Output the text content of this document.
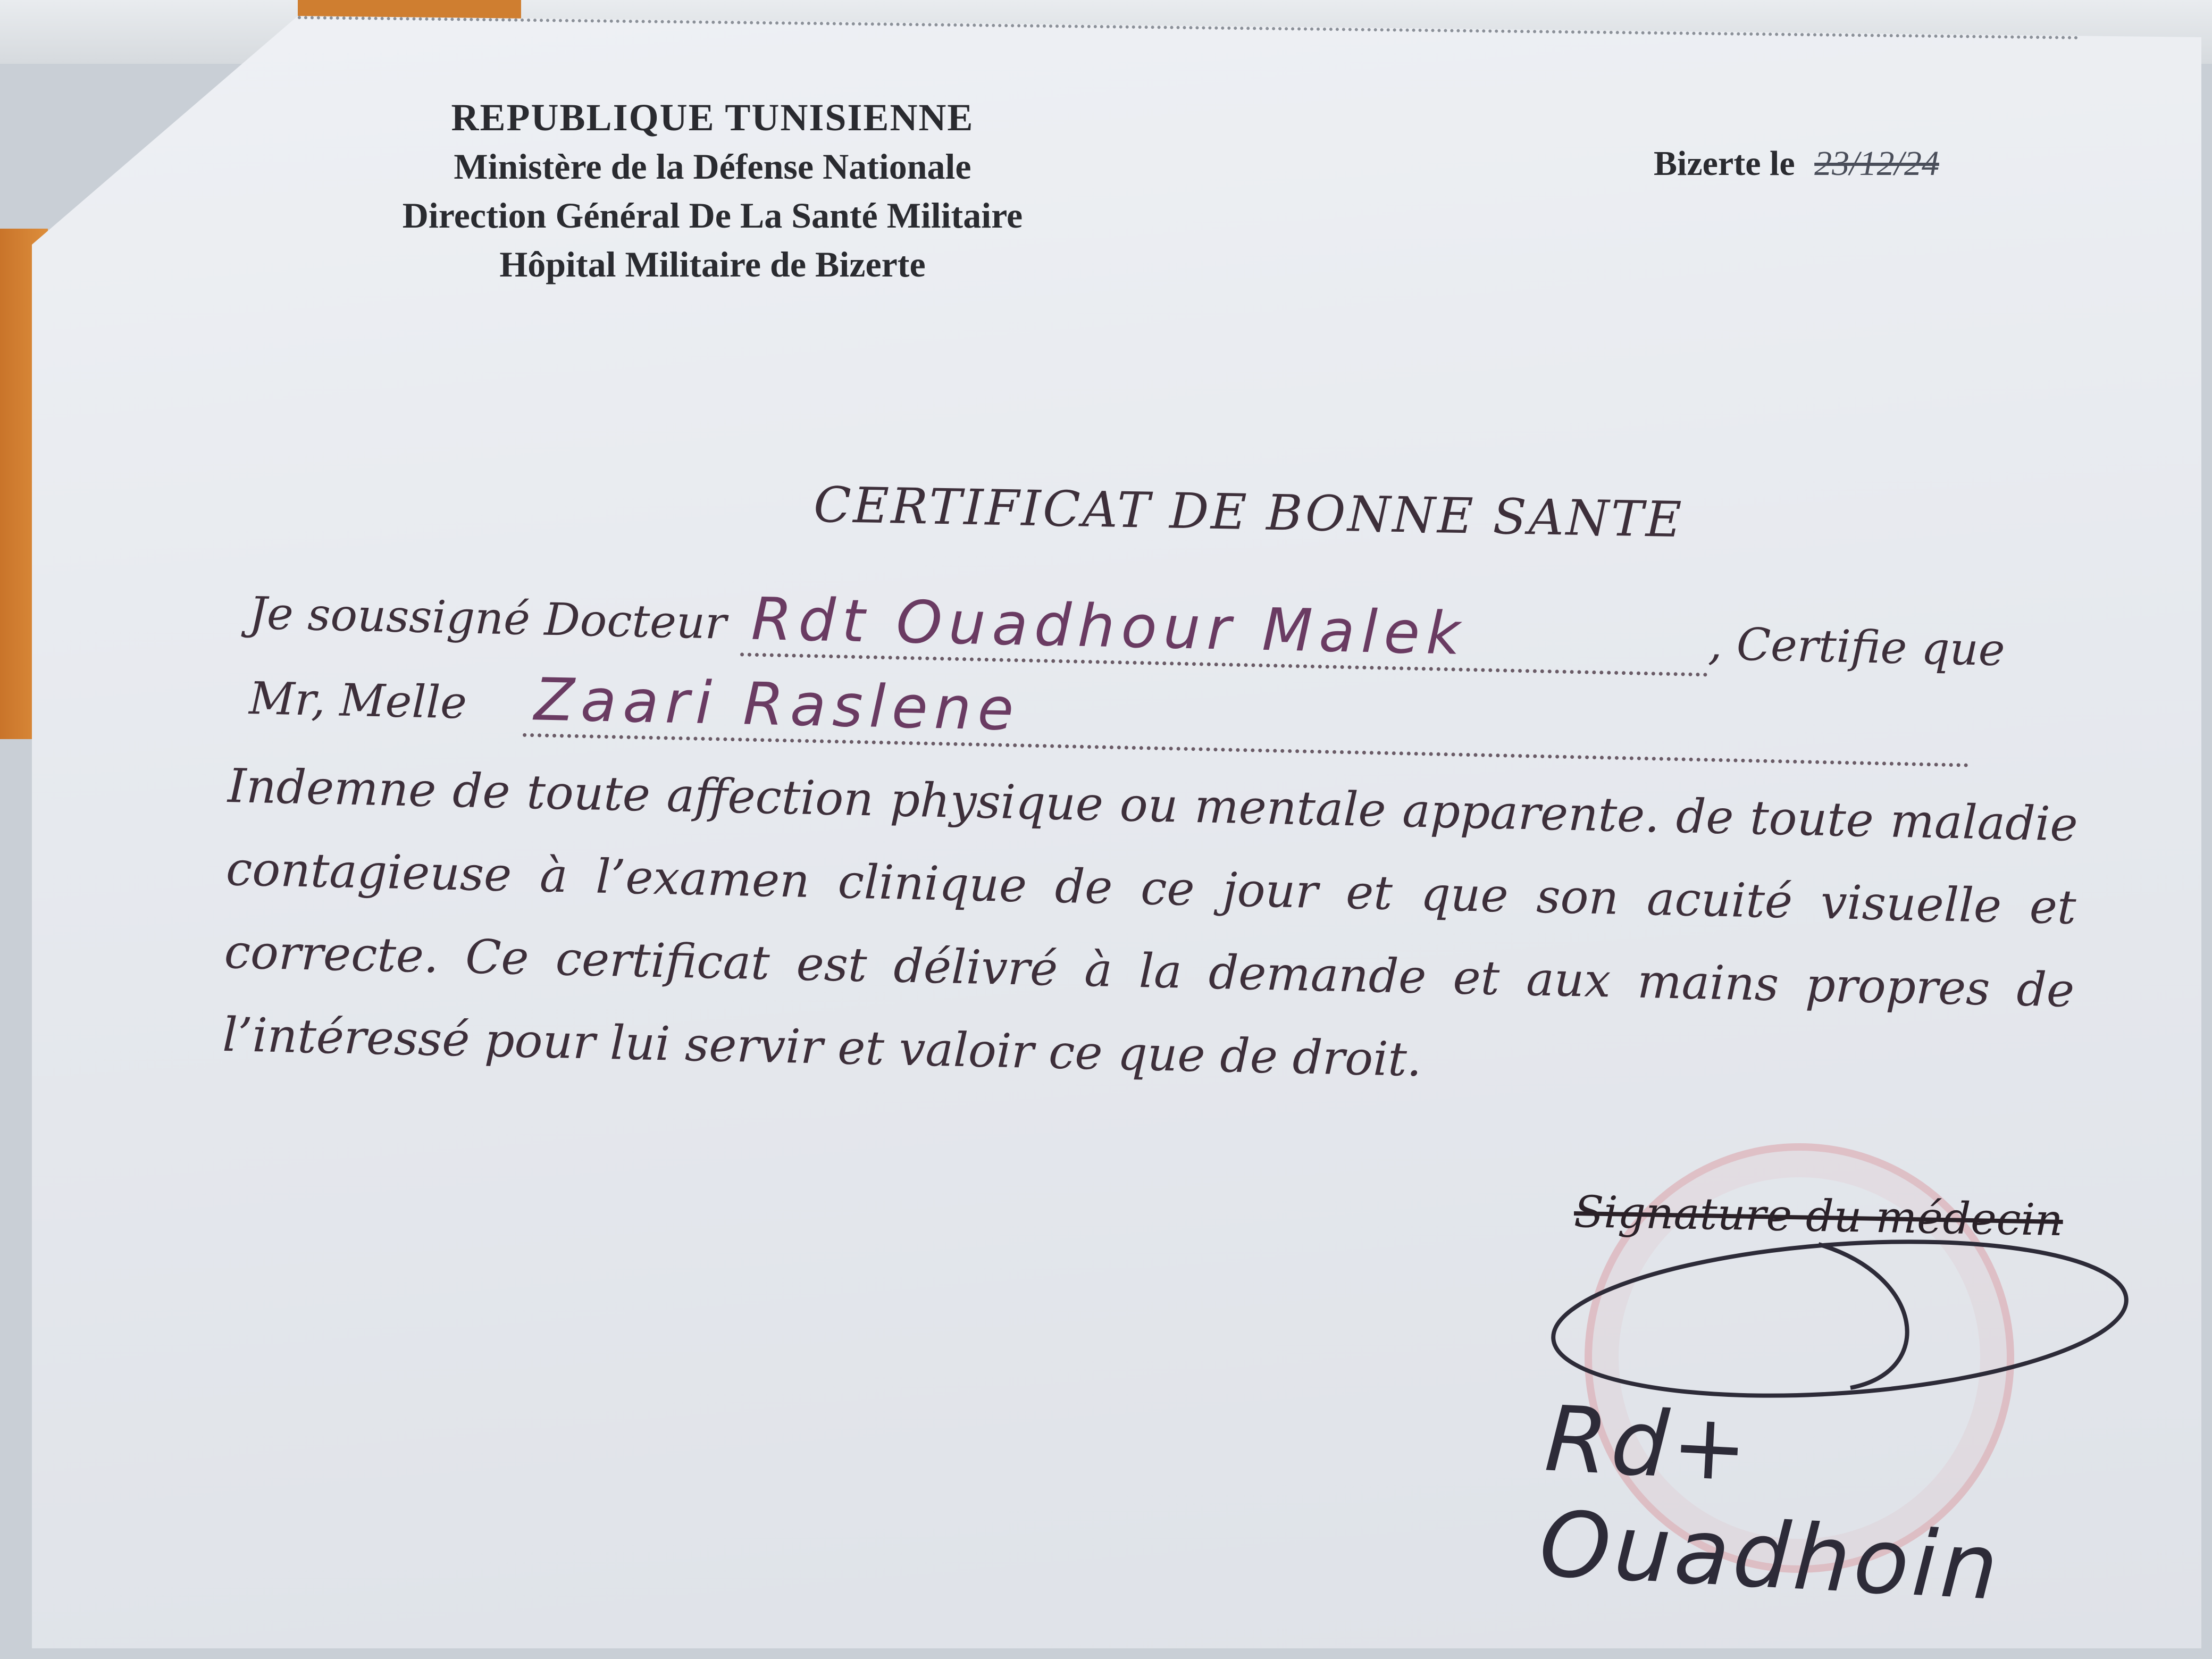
REPUBLIQUE TUNISIENNE
Ministère de la Défense Nationale
Direction Général De La Santé Militaire
Hôpital Militaire de Bizerte
Bizerte le 23/12/24
CERTIFICAT DE BONNE SANTE
Je soussigné Docteur Rdt Ouadhour Malek	, Certifie que
Mr, Melle Zaari Raslene
Indemne de toute affection physique ou mentale apparente. de toute maladie contagieuse à l’examen clinique de ce jour et que son acuité visuelle et correcte. Ce certificat est délivré à la demande et aux mains propres de l’intéressé pour lui servir et valoir ce que de droit.
Signature du médecin
Rd+ Ouadhoin
